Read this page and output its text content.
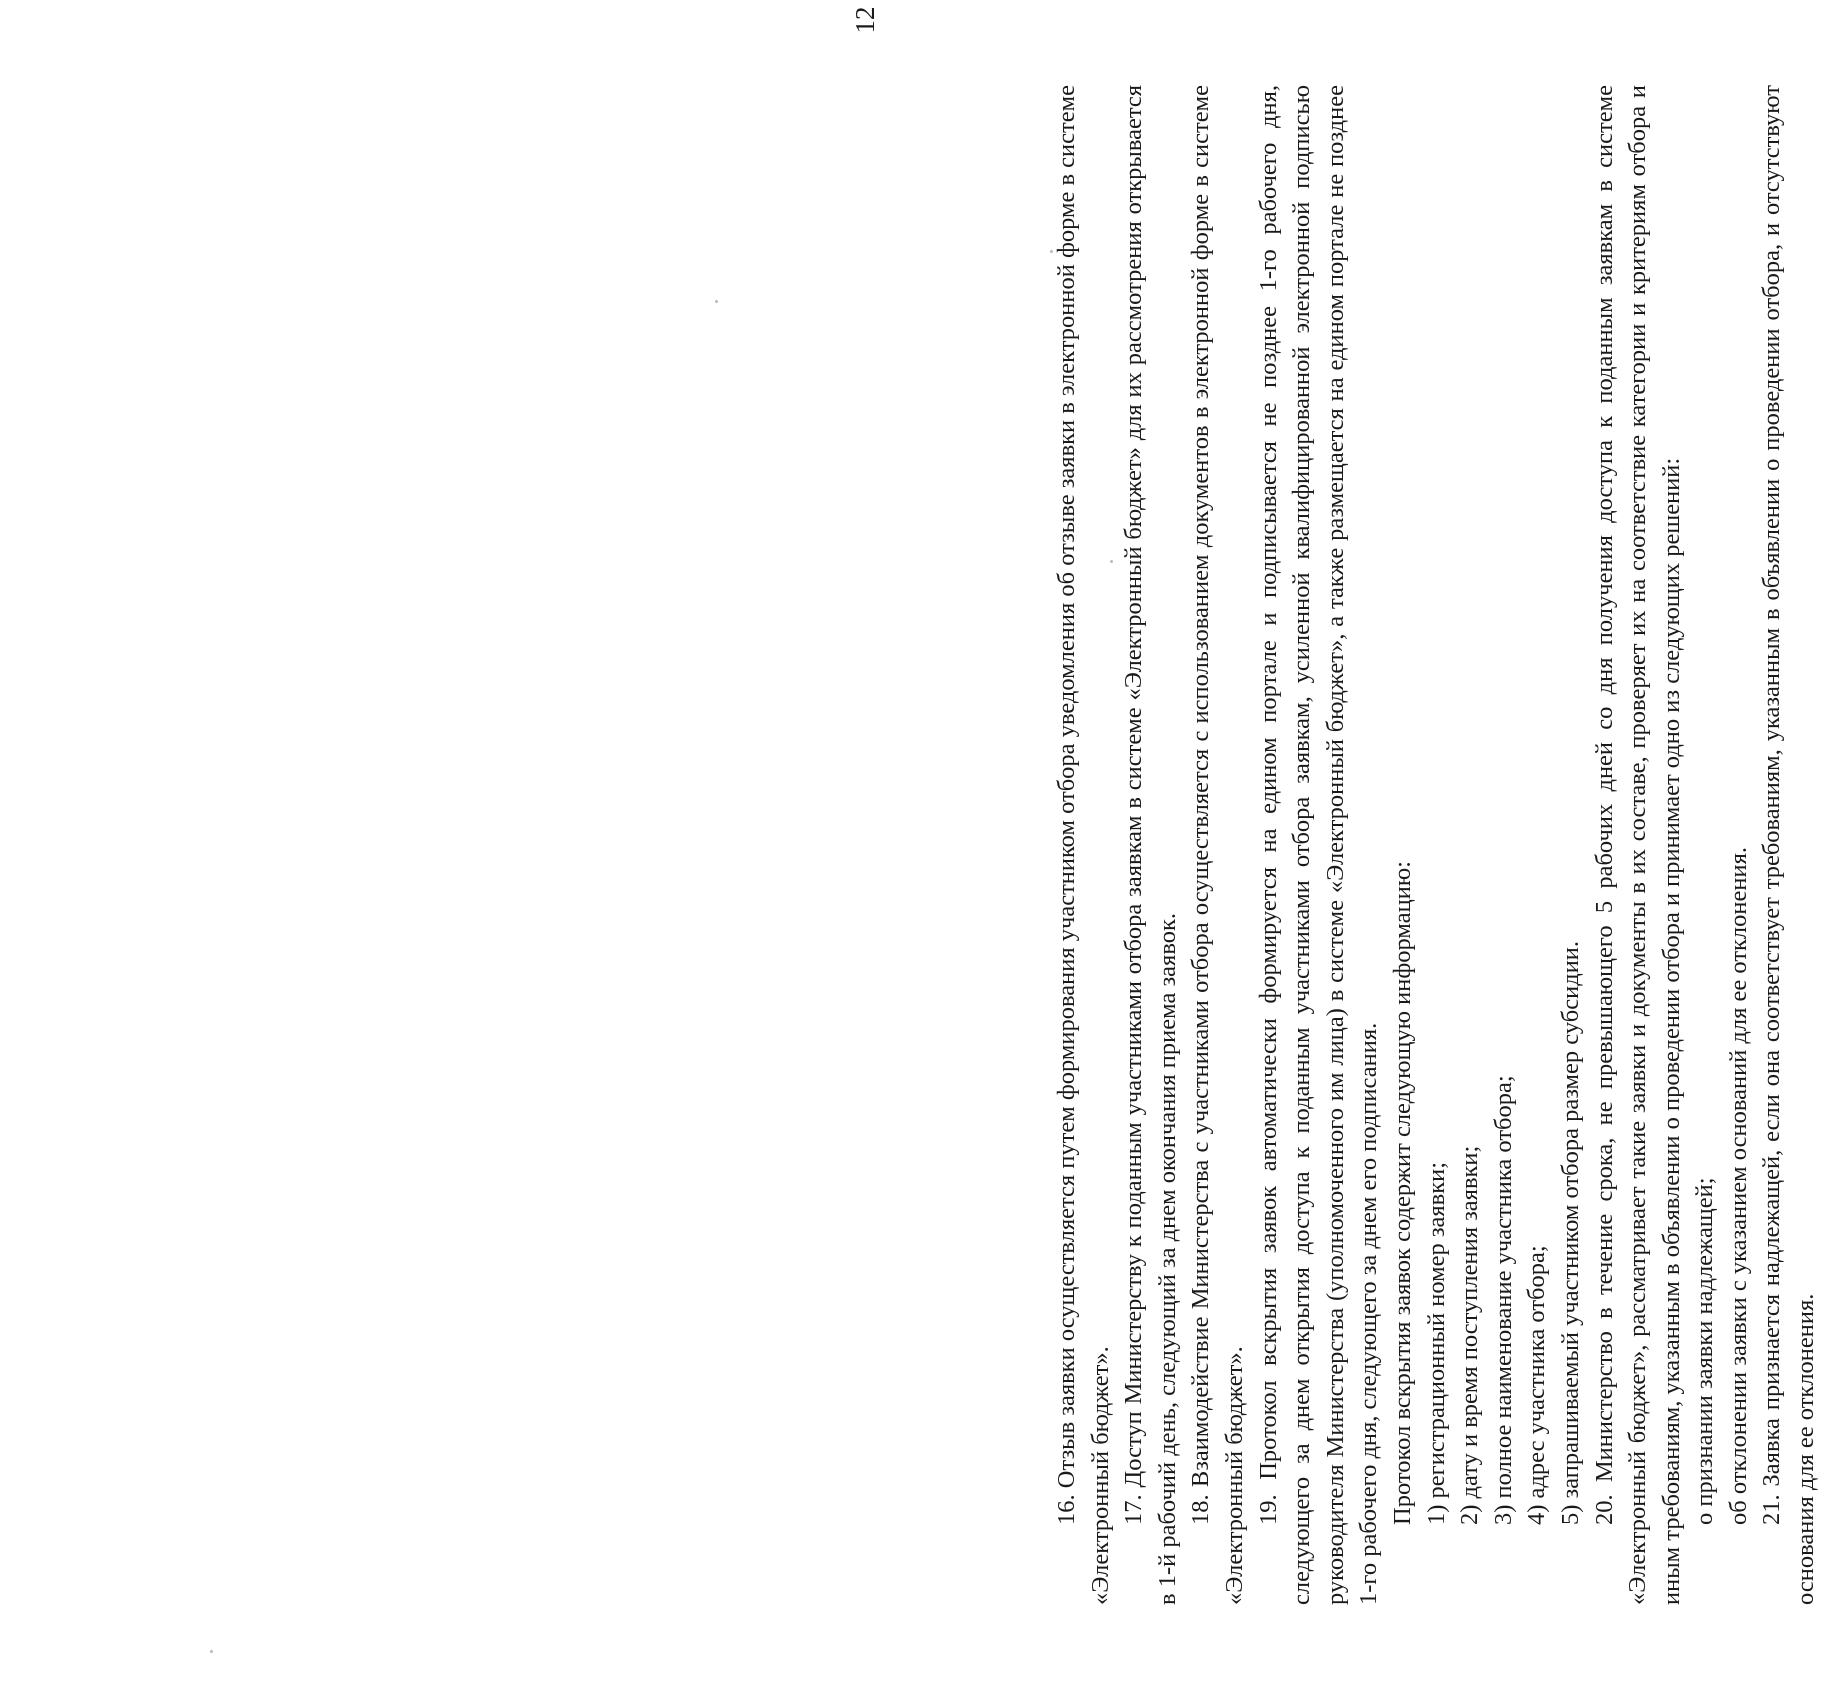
12

16. Отзыв заявки осуществляется путем формирования участником отбора уведомления об отзыве заявки в электронной форме в системе «Электронный бюджет». 17. Доступ Министерству к поданным участниками отбора заявкам в системе «Электронный бюджет» для их рассмотрения открывается в 1-й рабочий день, следующий за днем окончания приема заявок. 18. Взаимодействие Министерства с участниками отбора осуществляется с использованием документов в электронной форме в системе «Электронный бюджет». 19. Протокол вскрытия заявок автоматически формируется на едином портале и подписывается не позднее 1-го рабочего дня, следующего за днем открытия доступа к поданным участниками отбора заявкам, усиленной квалифицированной электронной подписью руководителя Министерства (уполномоченного им лица) в системе «Электронный бюджет», а также размещается на едином портале не позднее 1-го рабочего дня, следующего за днем его подписания. Протокол вскрытия заявок содержит следующую информацию: 1) регистрационный номер заявки; 2) дату и время поступления заявки; 3) полное наименование участника отбора; 4) адрес участника отбора; 5) запрашиваемый участником отбора размер субсидии. 20. Министерство в течение срока, не превышающего 5 рабочих дней со дня получения доступа к поданным заявкам в системе «Электронный бюджет», рассматривает такие заявки и документы в их составе, проверяет их на соответствие категории и критериям отбора и иным требованиям, указанным в объявлении о проведении отбора и принимает одно из следующих решений: о признании заявки надлежащей; об отклонении заявки с указанием оснований для ее отклонения. 21. Заявка признается надлежащей, если она соответствует требованиям, указанным в объявлении о проведении отбора, и отсутствуют основания для ее отклонения.
